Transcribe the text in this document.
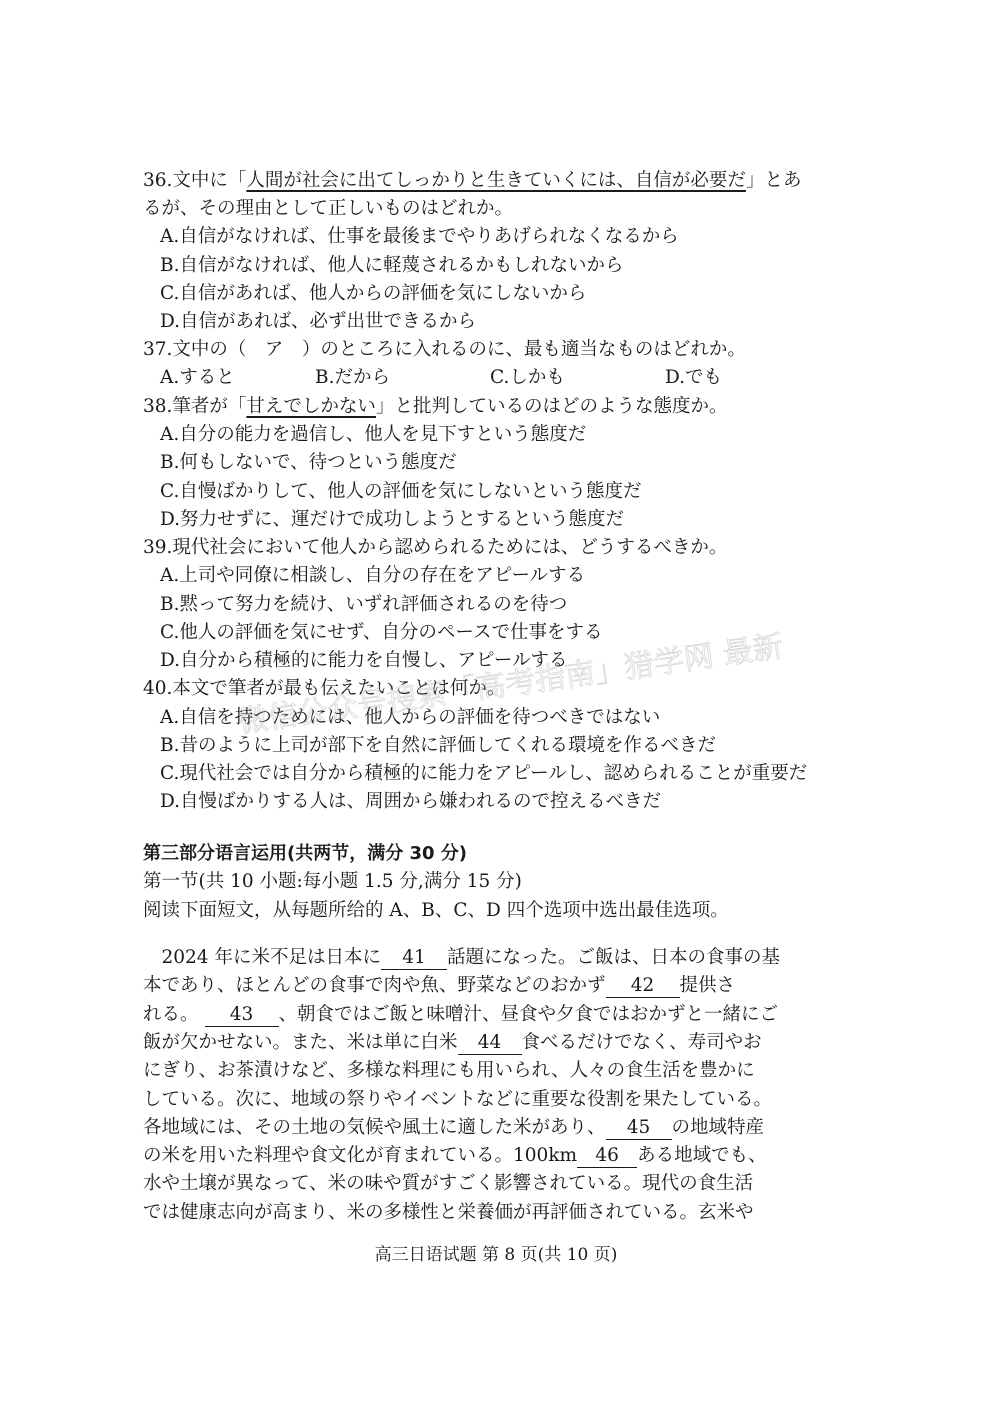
36.文中に「人間が社会に出てしっかりと生きていくには、自信が必要だ」とあ
るが、その理由として正しいものはどれか。
A.自信がなければ、仕事を最後までやりあげられなくなるから
B.自信がなければ、他人に軽蔑されるかもしれないから
C.自信があれば、他人からの評価を気にしないから
D.自信があれば、必ず出世できるから
37.文中の（　ア　）のところに入れるのに、最も適当なものはどれか。
A.すると	B.だから	C.しかも	D.でも
38.筆者が「甘えでしかない」と批判しているのはどのような態度か。
A.自分の能力を過信し、他人を見下すという態度だ
B.何もしないで、待つという態度だ
C.自慢ばかりして、他人の評価を気にしないという態度だ
D.努力せずに、運だけで成功しようとするという態度だ
39.現代社会において他人から認められるためには、どうするべきか。
A.上司や同僚に相談し、自分の存在をアピールする
B.黙って努力を続け、いずれ評価されるのを待つ
C.他人の評価を気にせず、自分のペースで仕事をする
D.自分から積極的に能力を自慢し、アピールする
40.本文で筆者が最も伝えたいことは何か。
A.自信を持つためには、他人からの評価を待つべきではない
B.昔のように上司が部下を自然に評価してくれる環境を作るべきだ
C.現代社会では自分から積極的に能力をアピールし、認められることが重要だ
D.自慢ばかりする人は、周囲から嫌われるので控えるべきだ
第三部分语言运用(共两节，满分 30 分)
第一节(共 10 小题:每小题 1.5 分,满分 15 分)
阅读下面短文，从每题所给的 A、B、C、D 四个选项中选出最佳选项。
　2024 年に米不足は日本に 41 話題になった。ご飯は、日本の食事の基
本であり、ほとんどの食事で肉や魚、野菜などのおかず 42 提供さ
れる。 43 、朝食ではご飯と味噌汁、昼食や夕食ではおかずと一緒にご
飯が欠かせない。また、米は単に白米 44 食べるだけでなく、寿司やお
にぎり、お茶漬けなど、多様な料理にも用いられ、人々の食生活を豊かに
している。次に、地域の祭りやイベントなどに重要な役割を果たしている。
各地域には、その土地の気候や風土に適した米があり、 45 の地域特産
の米を用いた料理や食文化が育まれている。100km 46 ある地域でも、
水や土壌が異なって、米の味や質がすごく影響されている。現代の食生活
では健康志向が高まり、米の多様性と栄養価が再評価されている。玄米や
高三日语试题 第 8 页(共 10 页)
微信公众号搜索「高考指南」猎学网 最新高考资讯
